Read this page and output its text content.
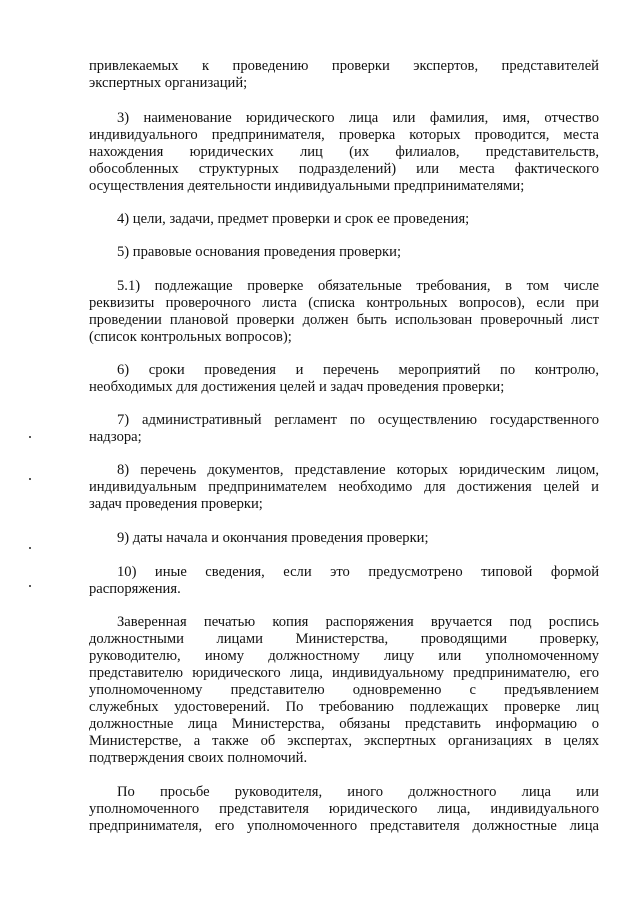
привлекаемых к проведению проверки экспертов, представителей
экспертных организаций;
3) наименование юридического лица или фамилия, имя, отчество
индивидуального предпринимателя, проверка которых проводится, места
нахождения юридических лиц (их филиалов, представительств,
обособленных структурных подразделений) или места фактического
осуществления деятельности индивидуальными предпринимателями;
4) цели, задачи, предмет проверки и срок ее проведения;
5) правовые основания проведения проверки;
5.1) подлежащие проверке обязательные требования, в том числе
реквизиты проверочного листа (списка контрольных вопросов), если при
проведении плановой проверки должен быть использован проверочный лист
(список контрольных вопросов);
6) сроки проведения и перечень мероприятий по контролю,
необходимых для достижения целей и задач проведения проверки;
7) административный регламент по осуществлению государственного
надзора;
8) перечень документов, представление которых юридическим лицом,
индивидуальным предпринимателем необходимо для достижения целей и
задач проведения проверки;
9) даты начала и окончания проведения проверки;
10) иные сведения, если это предусмотрено типовой формой
распоряжения.
Заверенная печатью копия распоряжения вручается под роспись
должностными лицами Министерства, проводящими проверку,
руководителю, иному должностному лицу или уполномоченному
представителю юридического лица, индивидуальному предпринимателю, его
уполномоченному представителю одновременно с предъявлением
служебных удостоверений. По требованию подлежащих проверке лиц
должностные лица Министерства, обязаны представить информацию о
Министерстве, а также об экспертах, экспертных организациях в целях
подтверждения своих полномочий.
По просьбе руководителя, иного должностного лица или
уполномоченного представителя юридического лица, индивидуального
предпринимателя, его уполномоченного представителя должностные лица
